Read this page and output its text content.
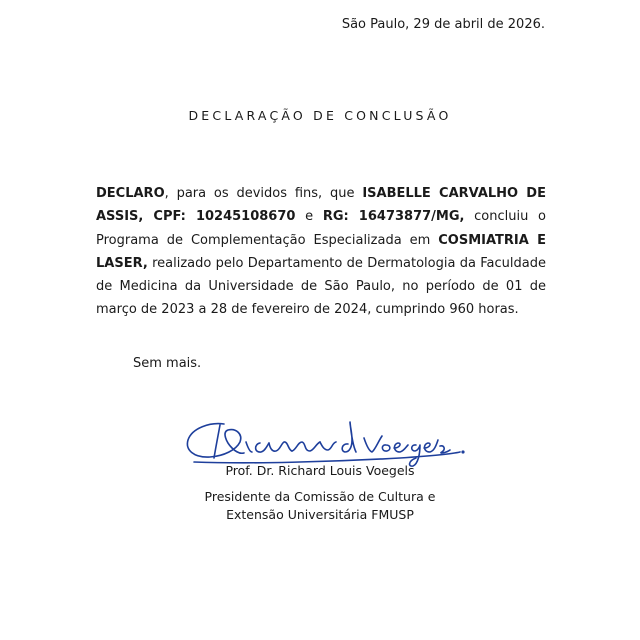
São Paulo, 29 de abril de 2026.
DECLARAÇÃO DE CONCLUSÃO
DECLARO, para os devidos fins, que ISABELLE CARVALHO DE ASSIS, CPF: 10245108670 e RG: 16473877/MG, concluiu o Programa de Complementação Especializada em COSMIATRIA E LASER, realizado pelo Departamento de Dermatologia da Faculdade de Medicina da Universidade de São Paulo, no período de 01 de março de 2023 a 28 de fevereiro de 2024, cumprindo 960 horas.
Sem mais.
Prof. Dr. Richard Louis Voegels
Presidente da Comissão de Cultura e
Extensão Universitária FMUSP
